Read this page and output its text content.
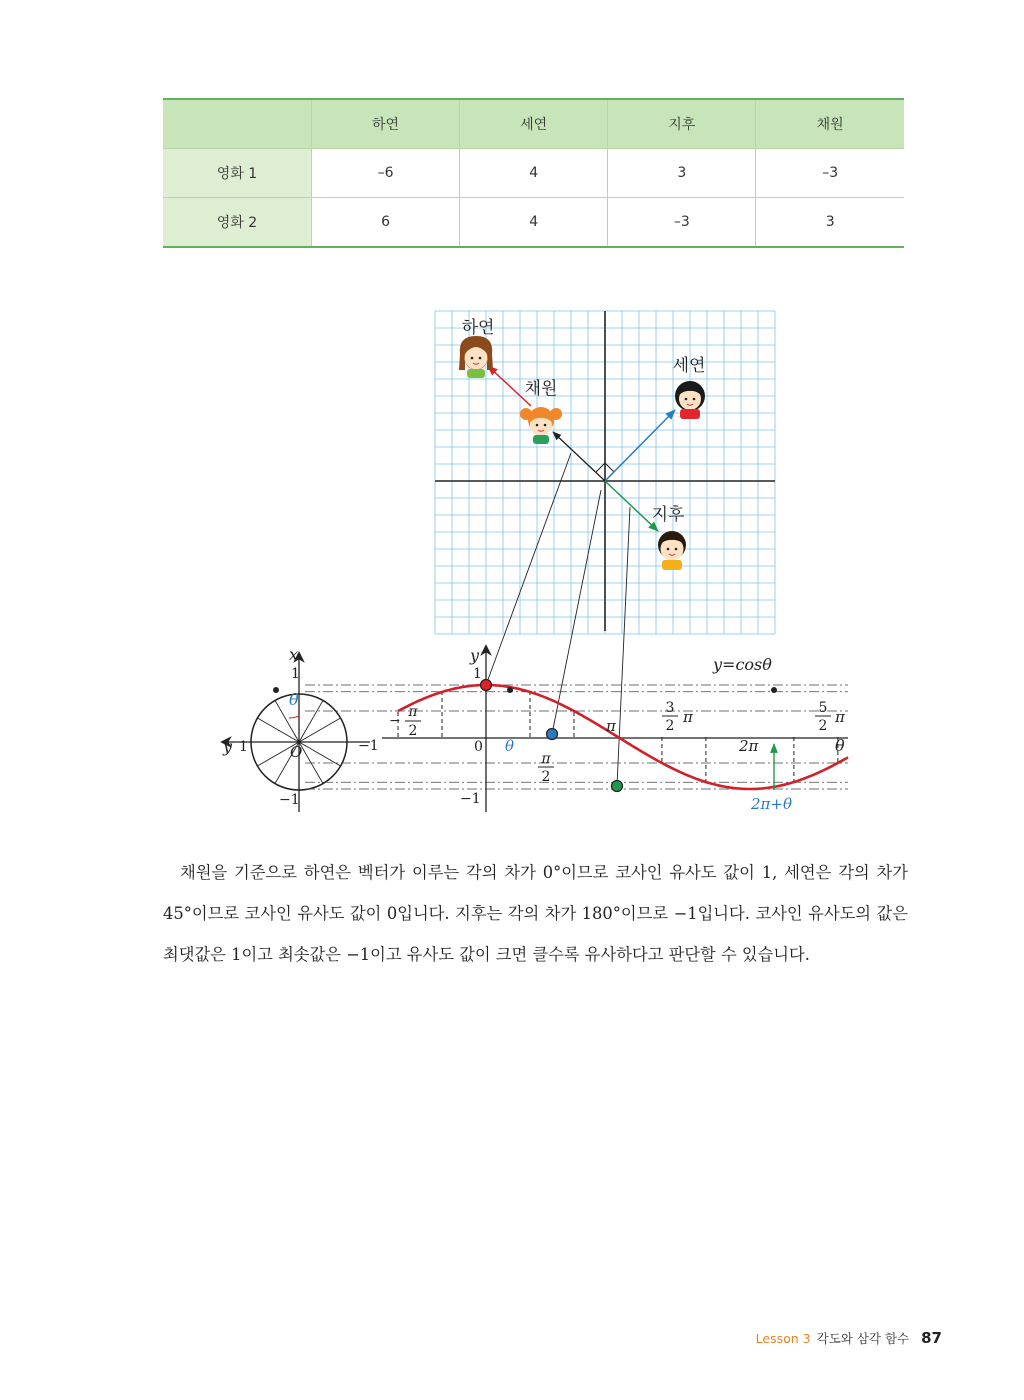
	하연	세연	지후	채원
영화 1	–6	4	3	–3
영화 2	6	4	–3	3
하연
세연
채원
지후
x
y
1
−1
1	−1
O
θ
y	y=cosθ
1
−1
0 θ
−
π
2
π
2
π
3
2 π
2π
5
2 π
θ
2π+θ

채원을 기준으로 하연은 벡터가 이루는 각의 차가 0°이므로 코사인 유사도 값이 1, 세연은 각의 차가 45°이므로 코사인 유사도 값이 0입니다. 지후는 각의 차가 180°이므로 −1입니다. 코사인 유사도의 값은 최댓값은 1이고 최솟값은 −1이고 유사도 값이 크면 클수록 유사하다고 판단할 수 있습니다.

Lesson 3 각도와 삼각 함수 87
